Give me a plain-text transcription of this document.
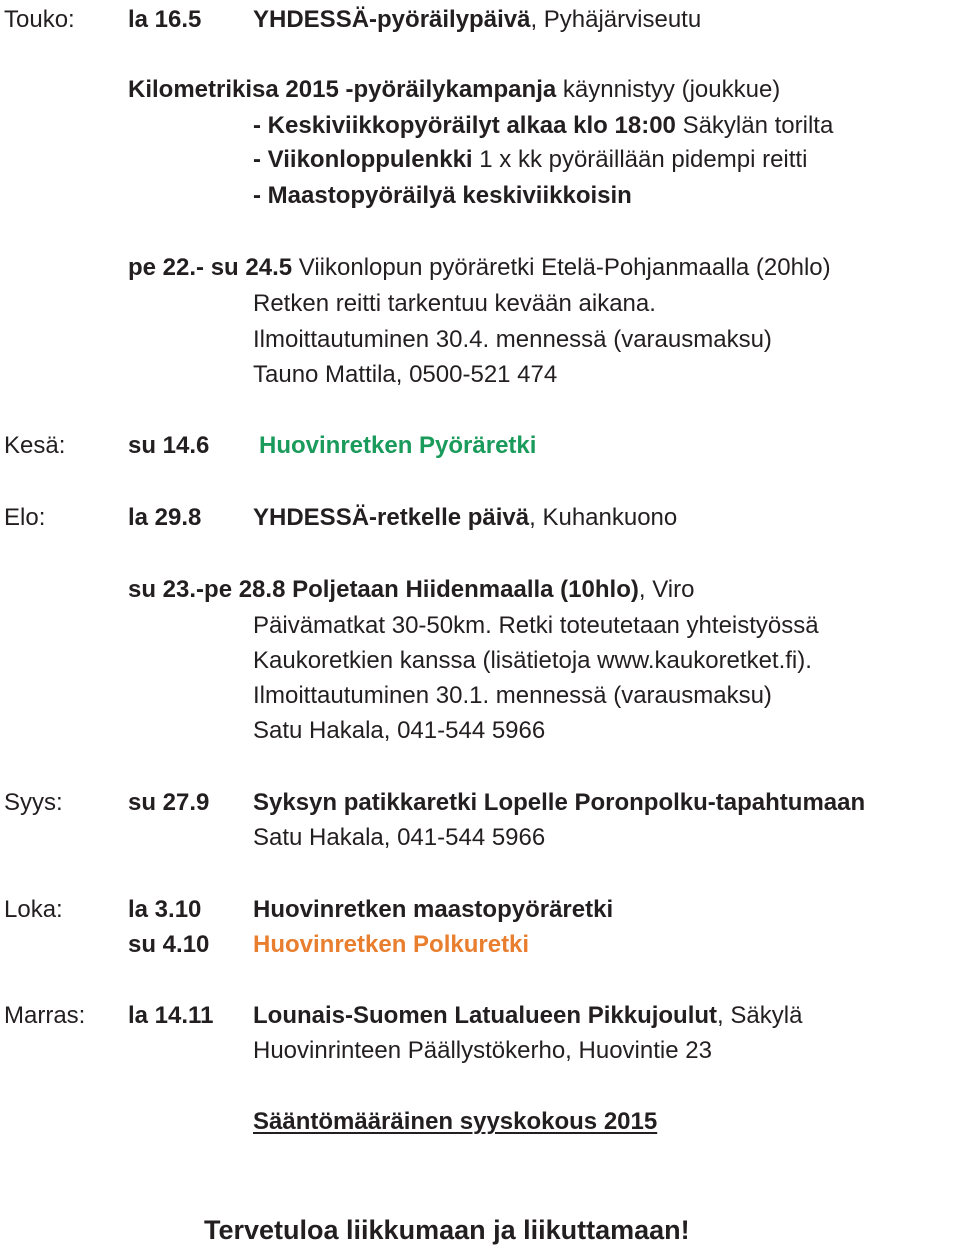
Touko: la 16.5 YHDESSÄ-pyöräilypäivä, Pyhäjärviseutu
Kilometrikisa 2015 -pyöräilykampanja käynnistyy (joukkue)
- Keskiviikkopyöräilyt alkaa klo 18:00 Säkylän torilta
- Viikonloppulenkki 1 x kk pyöräillään pidempi reitti
- Maastopyöräilyä keskiviikkoisin
pe 22.- su 24.5 Viikonlopun pyöräretki Etelä-Pohjanmaalla (20hlo)
Retken reitti tarkentuu kevään aikana.
Ilmoittautuminen 30.4. mennessä (varausmaksu)
Tauno Mattila, 0500-521 474
Kesä:	su 14.6 Huovinretken Pyöräretki
Elo:	la 29.8 YHDESSÄ-retkelle päivä, Kuhankuono
su 23.-pe 28.8 Poljetaan Hiidenmaalla (10hlo), Viro
Päivämatkat 30-50km. Retki toteutetaan yhteistyössä
Kaukoretkien kanssa (lisätietoja www.kaukoretket.fi).
Ilmoittautuminen 30.1. mennessä (varausmaksu)
Satu Hakala, 041-544 5966
Syys:	su 27.9 Syksyn patikkaretki Lopelle Poronpolku-tapahtumaan
Satu Hakala, 041-544 5966
Loka:	la 3.10 Huovinretken maastopyöräretki
su 4.10 Huovinretken Polkuretki
Marras: la 14.11 Lounais-Suomen Latualueen Pikkujoulut, Säkylä
Huovinrinteen Päällystökerho, Huovintie 23
Sääntömääräinen syyskokous 2015
Tervetuloa liikkumaan ja liikuttamaan!
